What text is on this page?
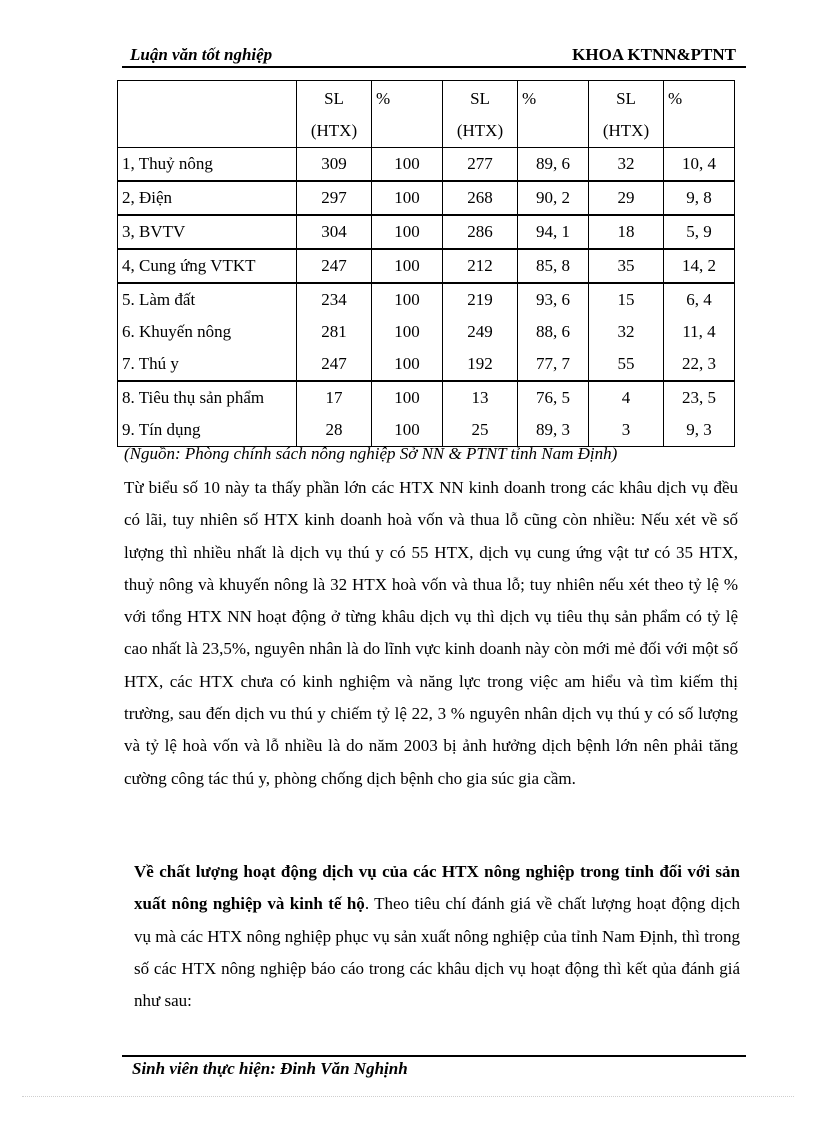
Luận văn tốt nghiệp	KHOA KTNN&PTNT
	SL (HTX)	%	SL (HTX)	%	SL (HTX)	%
1, Thuỷ nông	309	100	277	89, 6	32	10, 4
2, Điện	297	100	268	90, 2	29	9, 8
3, BVTV	304	100	286	94, 1	18	5, 9
4, Cung ứng VTKT	247	100	212	85, 8	35	14, 2
5. Làm đất	234	100	219	93, 6	15	6, 4
6. Khuyến nông	281	100	249	88, 6	32	11, 4
7. Thú y	247	100	192	77, 7	55	22, 3
8. Tiêu thụ sản phẩm	17	100	13	76, 5	4	23, 5
9. Tín dụng	28	100	25	89, 3	3	9, 3
(Nguồn: Phòng chính sách nông nghiệp Sở NN & PTNT tỉnh Nam Định)
Từ biểu số 10 này ta thấy phần lớn các HTX NN kinh doanh trong các khâu dịch vụ đều có lãi, tuy nhiên số HTX kinh doanh hoà vốn và thua lỗ cũng còn nhiều: Nếu xét về số lượng thì nhiều nhất là dịch vụ thú y có 55 HTX, dịch vụ cung ứng vật tư có 35 HTX, thuỷ nông và khuyến nông là 32 HTX hoà vốn và thua lỗ; tuy nhiên nếu xét theo tỷ lệ % với tổng HTX NN hoạt động ở từng khâu dịch vụ thì dịch vụ tiêu thụ sản phẩm có tỷ lệ cao nhất là 23,5%, nguyên nhân là do lĩnh vực kinh doanh này còn mới mẻ đối với một số HTX, các HTX chưa có kinh nghiệm và năng lực trong việc am hiểu và tìm kiếm thị trường, sau đến dịch vu thú y chiếm tỷ lệ 22, 3 % nguyên nhân dịch vụ thú y có số lượng và tỷ lệ hoà vốn và lỗ nhiều là do năm 2003 bị ảnh hưởng dịch bệnh lớn nên phải tăng cường công tác thú y, phòng chống dịch bệnh cho gia súc gia cầm.
Về chất lượng hoạt động dịch vụ của các HTX nông nghiệp trong tỉnh đối với sản xuất nông nghiệp và kinh tế hộ. Theo tiêu chí đánh giá về chất lượng hoạt động dịch vụ mà các HTX nông nghiệp phục vụ sản xuất nông nghiệp của tỉnh Nam Định, thì trong số các HTX nông nghiệp báo cáo trong các khâu dịch vụ hoạt động thì kết qủa đánh giá như sau:
Sinh viên thực hiện: Đinh Văn Nghịnh
